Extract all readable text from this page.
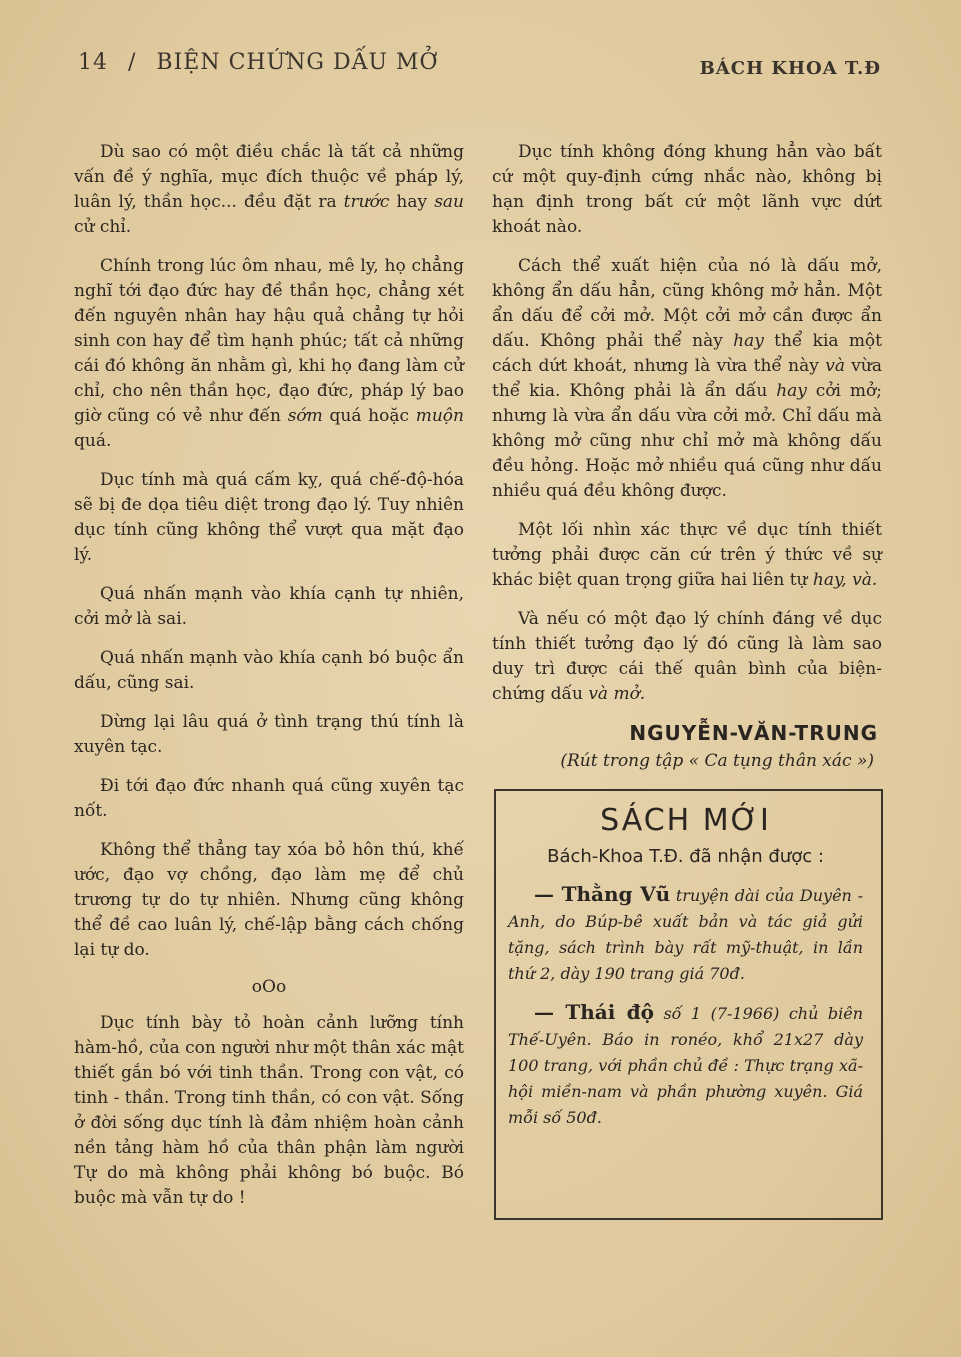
14 / BIỆN CHỨNG DẤU MỞ	BÁCH KHOA T.Đ

Dù sao có một điều chắc là tất cả những vấn đề ý nghĩa, mục đích thuộc về pháp lý, luân lý, thần học... đều đặt ra trước hay sau cử chỉ.

Chính trong lúc ôm nhau, mê ly, họ chẳng nghĩ tới đạo đức hay đề thần học, chẳng xét đến nguyên nhân hay hậu quả chẳng tự hỏi sinh con hay để tìm hạnh phúc; tất cả những cái đó không ăn nhằm gì, khi họ đang làm cử chỉ, cho nên thần học, đạo đức, pháp lý bao giờ cũng có vẻ như đến sớm quá hoặc muộn quá.

Dục tính mà quá cấm kỵ, quá chế-độ-hóa sẽ bị đe dọa tiêu diệt trong đạo lý. Tuy nhiên dục tính cũng không thể vượt qua mặt đạo lý.

Quá nhấn mạnh vào khía cạnh tự nhiên, cởi mở là sai.

Quá nhấn mạnh vào khía cạnh bó buộc ẩn dấu, cũng sai.

Dừng lại lâu quá ở tình trạng thú tính là xuyên tạc.

Đi tới đạo đức nhanh quá cũng xuyên tạc nốt.

Không thể thẳng tay xóa bỏ hôn thú, khế ước, đạo vợ chồng, đạo làm mẹ để chủ trương tự do tự nhiên. Nhưng cũng không thể đề cao luân lý, chế-lập bằng cách chống lại tự do.

oOo

Dục tính bày tỏ hoàn cảnh lưỡng tính hàm-hồ, của con người như một thân xác mật thiết gắn bó với tinh thần. Trong con vật, có tinh - thần. Trong tinh thần, có con vật. Sống ở đời sống dục tính là đảm nhiệm hoàn cảnh nền tảng hàm hồ của thân phận làm người Tự do mà không phải không bó buộc. Bó buộc mà vẫn tự do !

Dục tính không đóng khung hẳn vào bất cứ một quy-định cứng nhắc nào, không bị hạn định trong bất cứ một lãnh vực dứt khoát nào.

Cách thể xuất hiện của nó là dấu mở, không ẩn dấu hẳn, cũng không mở hẳn. Một ẩn dấu để cởi mở. Một cởi mở cần được ẩn dấu. Không phải thể này hay thể kia một cách dứt khoát, nhưng là vừa thể này và vừa thể kia. Không phải là ẩn dấu hay cởi mở; nhưng là vừa ẩn dấu vừa cởi mở. Chỉ dấu mà không mở cũng như chỉ mở mà không dấu đều hỏng. Hoặc mở nhiều quá cũng như dấu nhiều quá đều không được.

Một lối nhìn xác thực về dục tính thiết tưởng phải được căn cứ trên ý thức về sự khác biệt quan trọng giữa hai liên tự hay, và.

Và nếu có một đạo lý chính đáng về dục tính thiết tưởng đạo lý đó cũng là làm sao duy trì được cái thế quân bình của biện-chứng dấu và mở.

NGUYỄN-VĂN-TRUNG
(Rút trong tập « Ca tụng thân xác »)
SÁCH MỚI
Bách-Khoa T.Đ. đã nhận được :

— Thằng Vũ truyện dài của Duyên - Anh, do Búp-bê xuất bản và tác giả gửi tặng, sách trình bày rất mỹ-thuật, in lần thứ 2, dày 190 trang giá 70đ.

— Thái độ số 1 (7-1966) chủ biên Thế-Uyên. Báo in ronéo, khổ 21x27 dày 100 trang, với phần chủ đề : Thực trạng xã-hội miền-nam và phần phường xuyên. Giá mỗi số 50đ.
